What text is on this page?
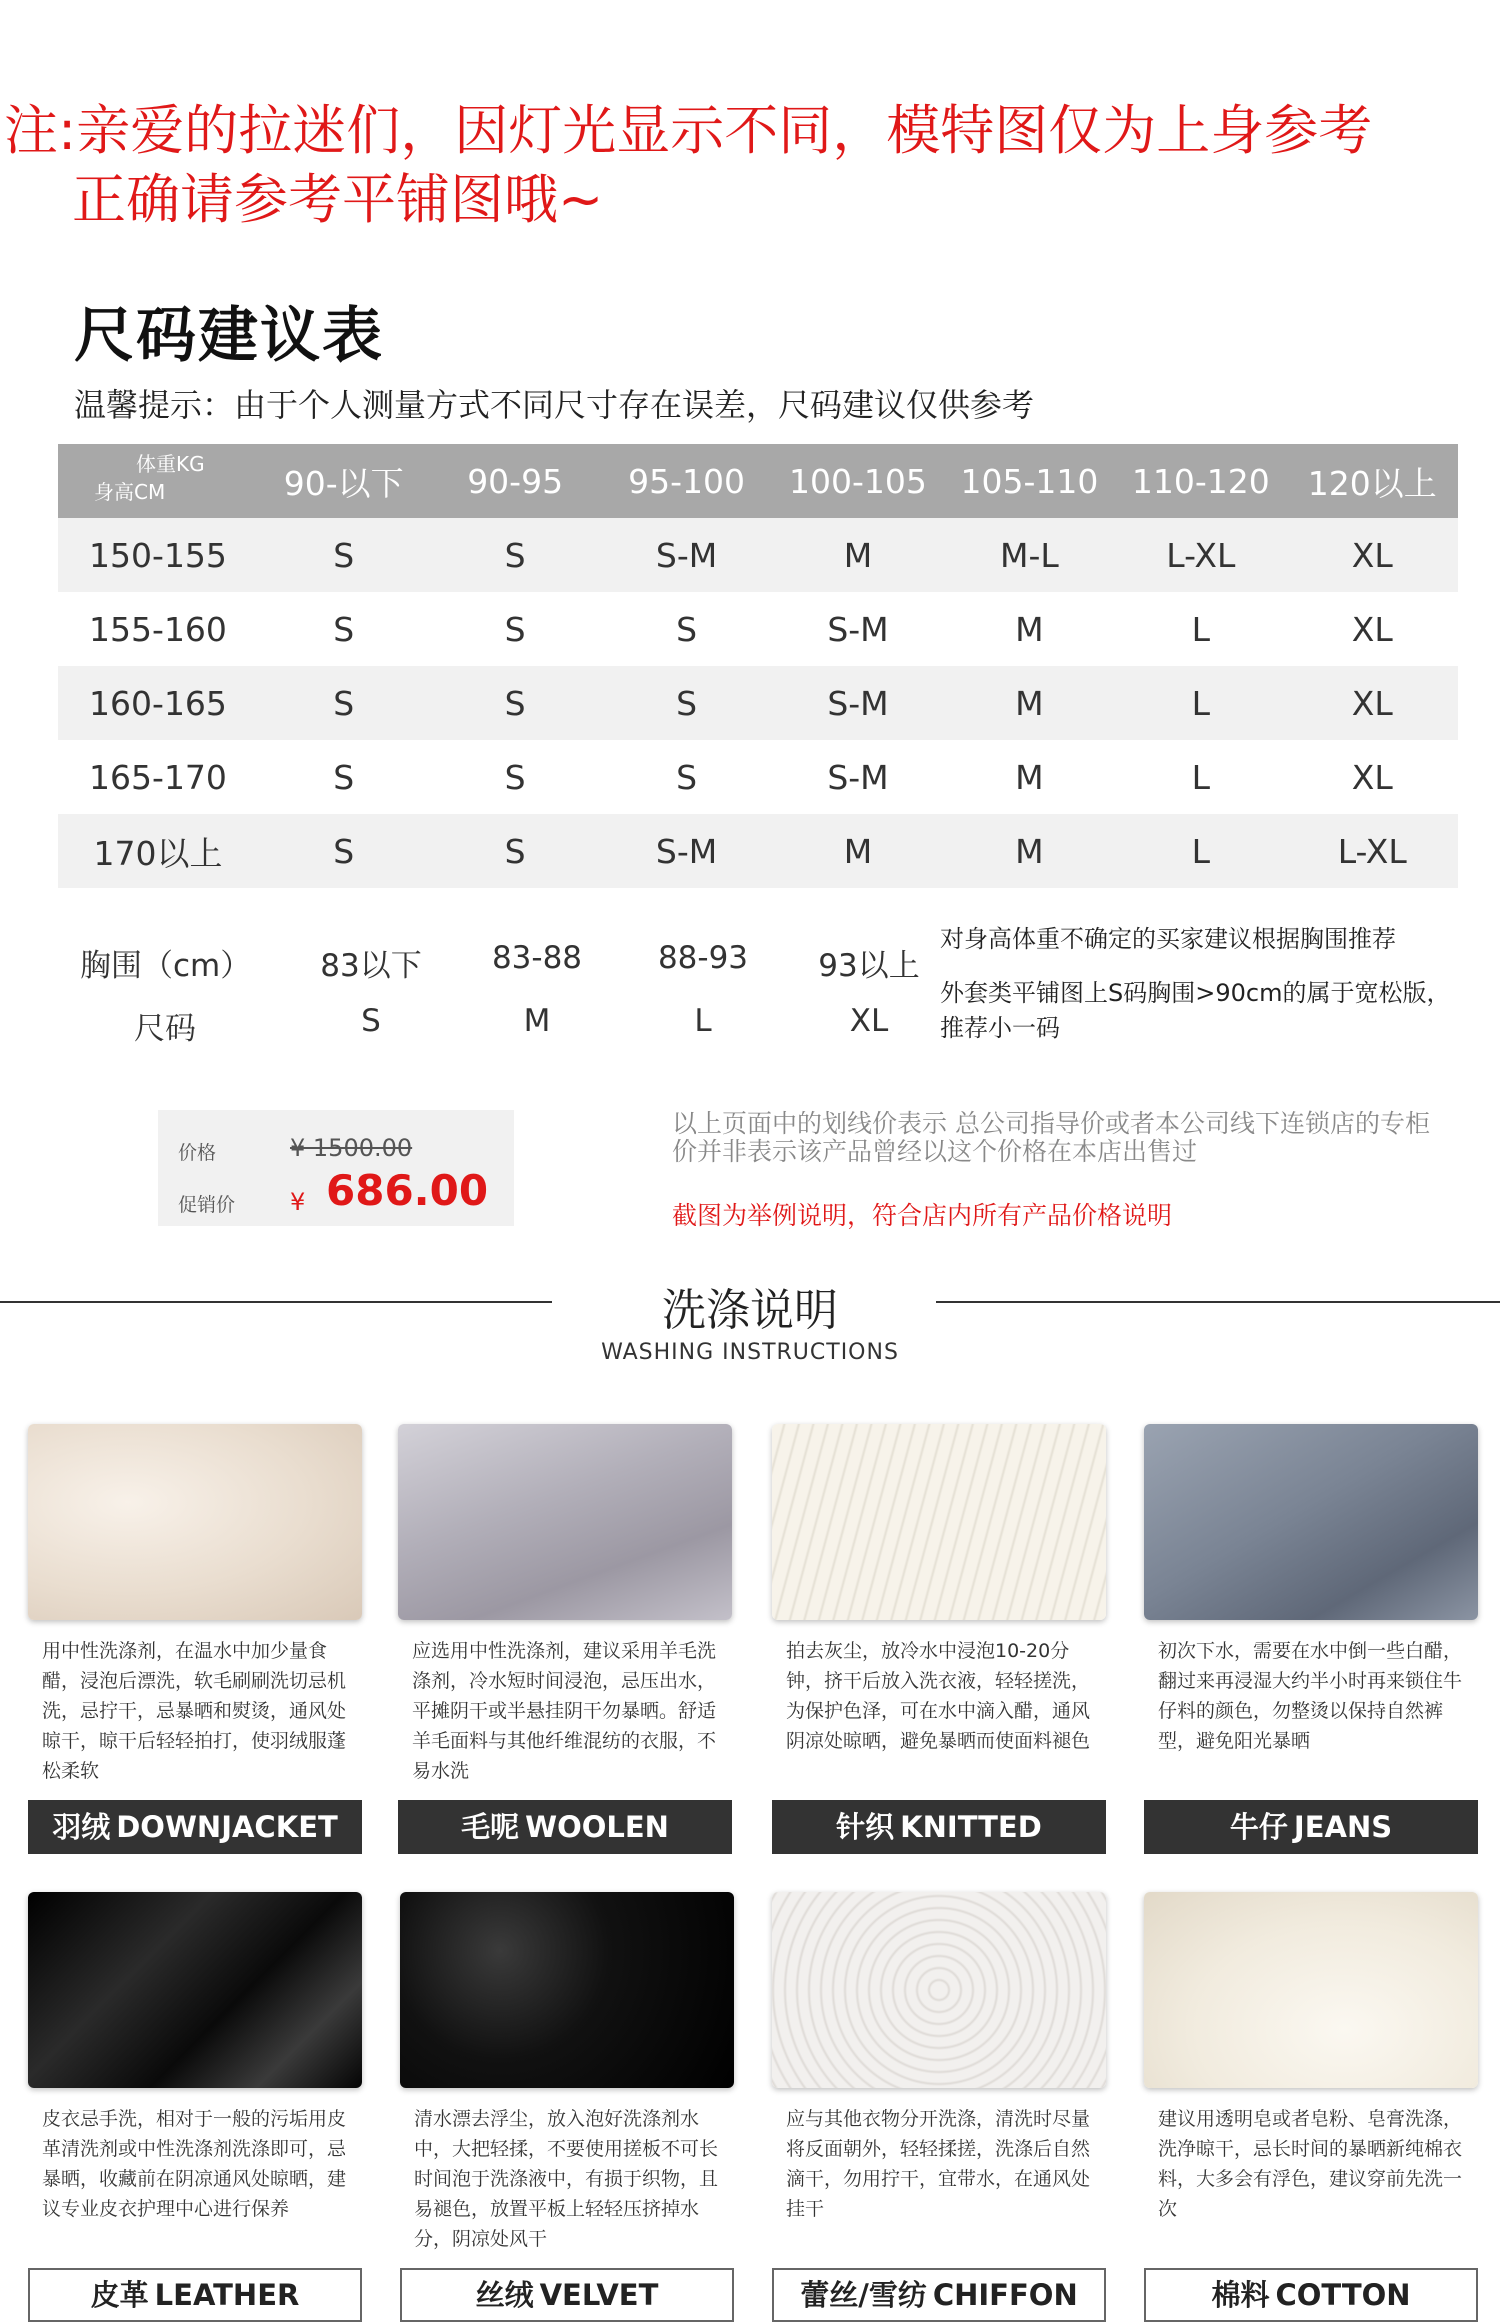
注:亲爱的拉迷们，因灯光显示不同，模特图仅为上身参考
正确请参考平铺图哦~
尺码建议表
温馨提示：由于个人测量方式不同尺寸存在误差，尺码建议仅供参考
体重KG
身高CM	90-以下	90-95	95-100	100-105	105-110	110-120	120以上
150-155	S	S	S-M	M	M-L	L-XL	XL
155-160	S	S	S	S-M	M	L	XL
160-165	S	S	S	S-M	M	L	XL
165-170	S	S	S	S-M	M	L	XL
170以上	S	S	S-M	M	M	L	L-XL
胸围（cm）	83以下	83-88	88-93	93以上
尺码	S	M	L	XL
对身高体重不确定的买家建议根据胸围推荐
外套类平铺图上S码胸围>90cm的属于宽松版，推荐小一码
价格	¥ 1500.00
促销价 ¥ 686.00
以上页面中的划线价表示 总公司指导价或者本公司线下连锁店的专柜价并非表示该产品曾经以这个价格在本店出售过
截图为举例说明，符合店内所有产品价格说明
洗涤说明
WASHING INSTRUCTIONS
用中性洗涤剂，在温水中加少量食醋，浸泡后漂洗，软毛刷刷洗切忌机洗，忌拧干，忌暴晒和熨烫，通风处晾干，晾干后轻轻拍打，使羽绒服蓬松柔软
羽绒 DOWNJACKET
应选用中性洗涤剂，建议采用羊毛洗涤剂，冷水短时间浸泡，忌压出水，平摊阴干或半悬挂阴干勿暴晒。舒适羊毛面料与其他纤维混纺的衣服，不易水洗
毛呢 WOOLEN
拍去灰尘，放冷水中浸泡10-20分钟，挤干后放入洗衣液，轻轻搓洗，为保护色泽，可在水中滴入醋，通风阴凉处晾晒，避免暴晒而使面料褪色
针织 KNITTED
初次下水，需要在水中倒一些白醋，翻过来再浸湿大约半小时再来锁住牛仔料的颜色，勿整烫以保持自然裤型，避免阳光暴晒
牛仔 JEANS
皮衣忌手洗，相对于一般的污垢用皮革清洗剂或中性洗涤剂洗涤即可，忌暴晒，收藏前在阴凉通风处晾晒，建议专业皮衣护理中心进行保养
皮革 LEATHER
清水漂去浮尘，放入泡好洗涤剂水中，大把轻揉，不要使用搓板不可长时间泡于洗涤液中，有损于织物，且易褪色，放置平板上轻轻压挤掉水分，阴凉处风干
丝绒 VELVET
应与其他衣物分开洗涤，清洗时尽量将反面朝外，轻轻揉搓，洗涤后自然滴干，勿用拧干，宜带水，在通风处挂干
蕾丝/雪纺 CHIFFON
建议用透明皂或者皂粉、皂膏洗涤，洗净晾干，忌长时间的暴晒新纯棉衣料，大多会有浮色，建议穿前先洗一次
棉料 COTTON
